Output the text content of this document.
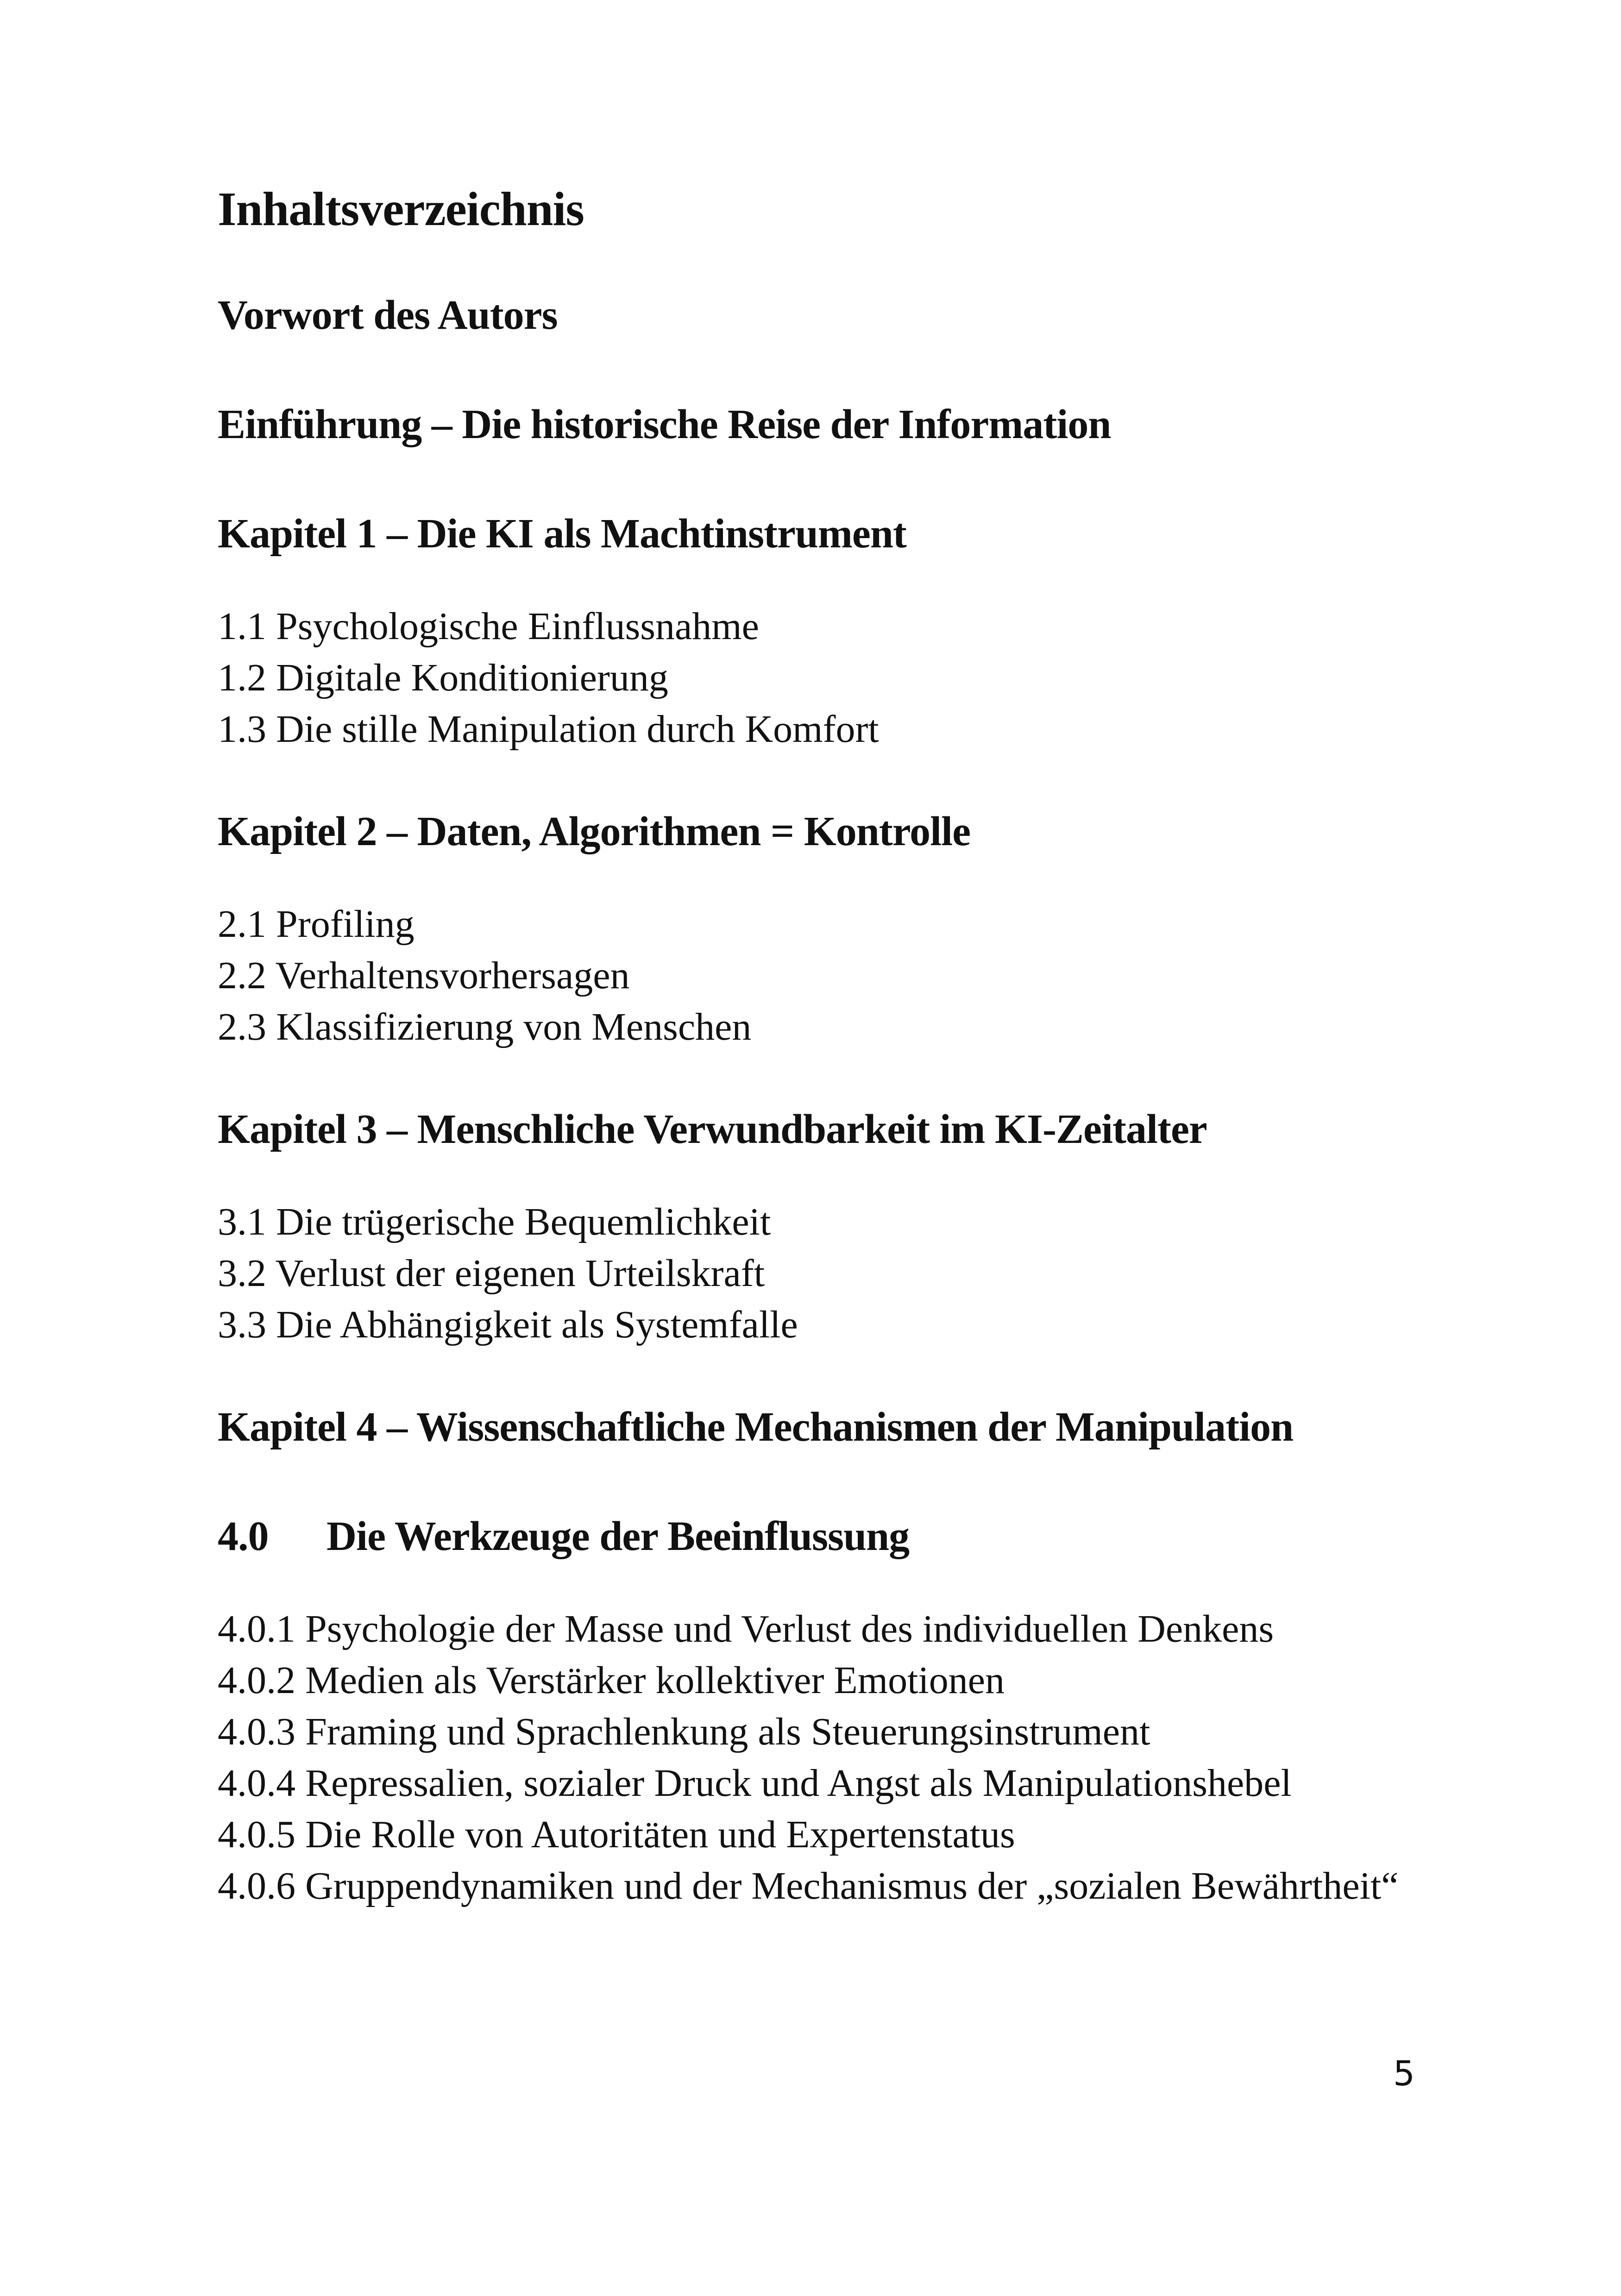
Inhaltsverzeichnis
Vorwort des Autors
Einführung – Die historische Reise der Information
Kapitel 1 – Die KI als Machtinstrument
1.1 Psychologische Einflussnahme
1.2 Digitale Konditionierung
1.3 Die stille Manipulation durch Komfort
Kapitel 2 – Daten, Algorithmen = Kontrolle
2.1 Profiling
2.2 Verhaltensvorhersagen
2.3 Klassifizierung von Menschen
Kapitel 3 – Menschliche Verwundbarkeit im KI-Zeitalter
3.1 Die trügerische Bequemlichkeit
3.2 Verlust der eigenen Urteilskraft
3.3 Die Abhängigkeit als Systemfalle
Kapitel 4 – Wissenschaftliche Mechanismen der Manipulation
4.0 Die Werkzeuge der Beeinflussung
4.0.1 Psychologie der Masse und Verlust des individuellen Denkens
4.0.2 Medien als Verstärker kollektiver Emotionen
4.0.3 Framing und Sprachlenkung als Steuerungsinstrument
4.0.4 Repressalien, sozialer Druck und Angst als Manipulationshebel
4.0.5 Die Rolle von Autoritäten und Expertenstatus
4.0.6 Gruppendynamiken und der Mechanismus der „sozialen Bewährtheit“
5
